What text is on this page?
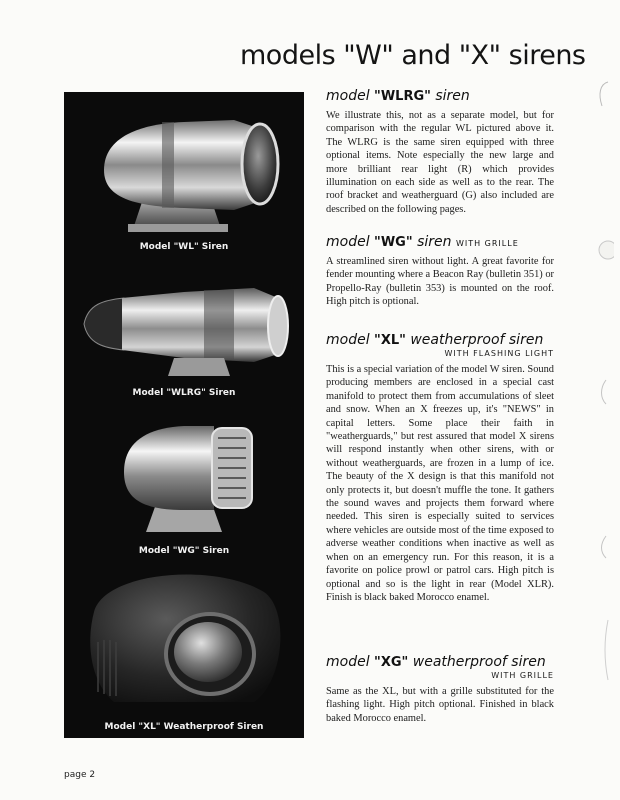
models "W" and "X" sirens
Model "WL" Siren
Model "WLRG" Siren
Model "WG" Siren
Model "XL" Weatherproof Siren
model "WLRG" siren
We illustrate this, not as a separate model, but for comparison with the regular WL pictured above it. The WLRG is the same siren equipped with three optional items. Note especially the new large and more brilliant rear light (R) which provides illumination on each side as well as to the rear. The roof bracket and weatherguard (G) also included are described on the following pages.
model "WG" siren WITH GRILLE
A streamlined siren without light. A great favorite for fender mounting where a Beacon Ray (bulletin 351) or Propello-Ray (bulletin 353) is mounted on the roof. High pitch is optional.
model "XL" weatherproof siren
WITH FLASHING LIGHT
This is a special variation of the model W siren. Sound producing members are enclosed in a special cast manifold to protect them from accumulations of sleet and snow. When an X freezes up, it's "NEWS" in capital letters. Some place their faith in "weatherguards," but rest assured that model X sirens will respond instantly when other sirens, with or without weatherguards, are frozen in a lump of ice. The beauty of the X design is that this manifold not only protects it, but doesn't muffle the tone. It gathers the sound waves and projects them forward where needed. This siren is especially suited to services where vehicles are outside most of the time exposed to adverse weather conditions when inactive as well as when on an emergency run. For this reason, it is a favorite on police prowl or patrol cars. High pitch is optional and so is the light in rear (Model XLR). Finish is black baked Morocco enamel.
model "XG" weatherproof siren
WITH GRILLE
Same as the XL, but with a grille substituted for the flashing light. High pitch optional. Finished in black baked Morocco enamel.
page 2
